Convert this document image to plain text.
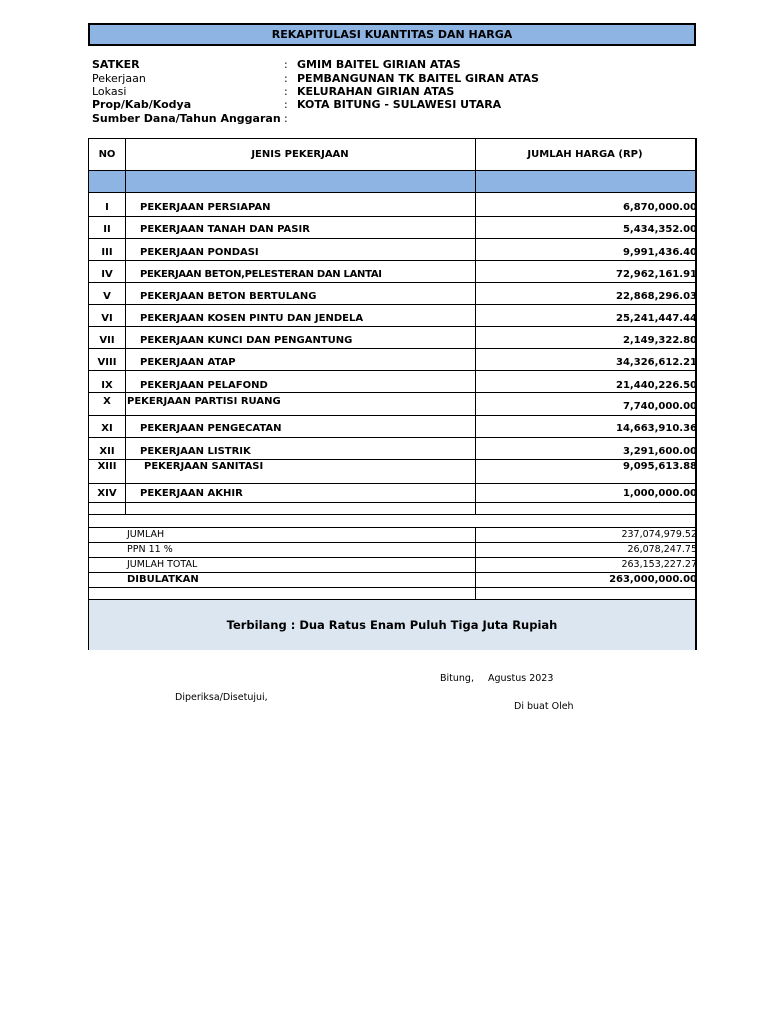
REKAPITULASI KUANTITAS DAN HARGA
SATKER	: GMIM BAITEL GIRIAN ATAS
Pekerjaan	: PEMBANGUNAN TK BAITEL GIRAN ATAS
Lokasi	: KELURAHAN GIRIAN ATAS
Prop/Kab/Kodya	: KOTA BITUNG - SULAWESI UTARA
Sumber Dana/Tahun Anggaran :
NO	JENIS PEKERJAAN	JUMLAH HARGA (RP)
I	PEKERJAAN PERSIAPAN	6,870,000.00
II	PEKERJAAN TANAH DAN PASIR	5,434,352.00
III	PEKERJAAN PONDASI	9,991,436.40
IV	PEKERJAAN BETON,PELESTERAN DAN LANTAI	72,962,161.91
V	PEKERJAAN BETON BERTULANG	22,868,296.03
VI	PEKERJAAN KOSEN PINTU DAN JENDELA	25,241,447.44
VII	PEKERJAAN KUNCI DAN PENGANTUNG	2,149,322.80
VIII	PEKERJAAN ATAP	34,326,612.21
IX	PEKERJAAN PELAFOND	21,440,226.50
X	PEKERJAAN PARTISI RUANG	7,740,000.00
XI	PEKERJAAN PENGECATAN	14,663,910.36
XII	PEKERJAAN LISTRIK	3,291,600.00
XIII	PEKERJAAN SANITASI	9,095,613.88
XIV	PEKERJAAN AKHIR	1,000,000.00
JUMLAH	237,074,979.52
PPN 11 %	26,078,247.75
JUMLAH TOTAL	263,153,227.27
DIBULATKAN	263,000,000.00
Terbilang : Dua Ratus Enam Puluh Tiga Juta Rupiah
Bitung, Agustus 2023
Diperiksa/Disetujui,
Di buat Oleh
